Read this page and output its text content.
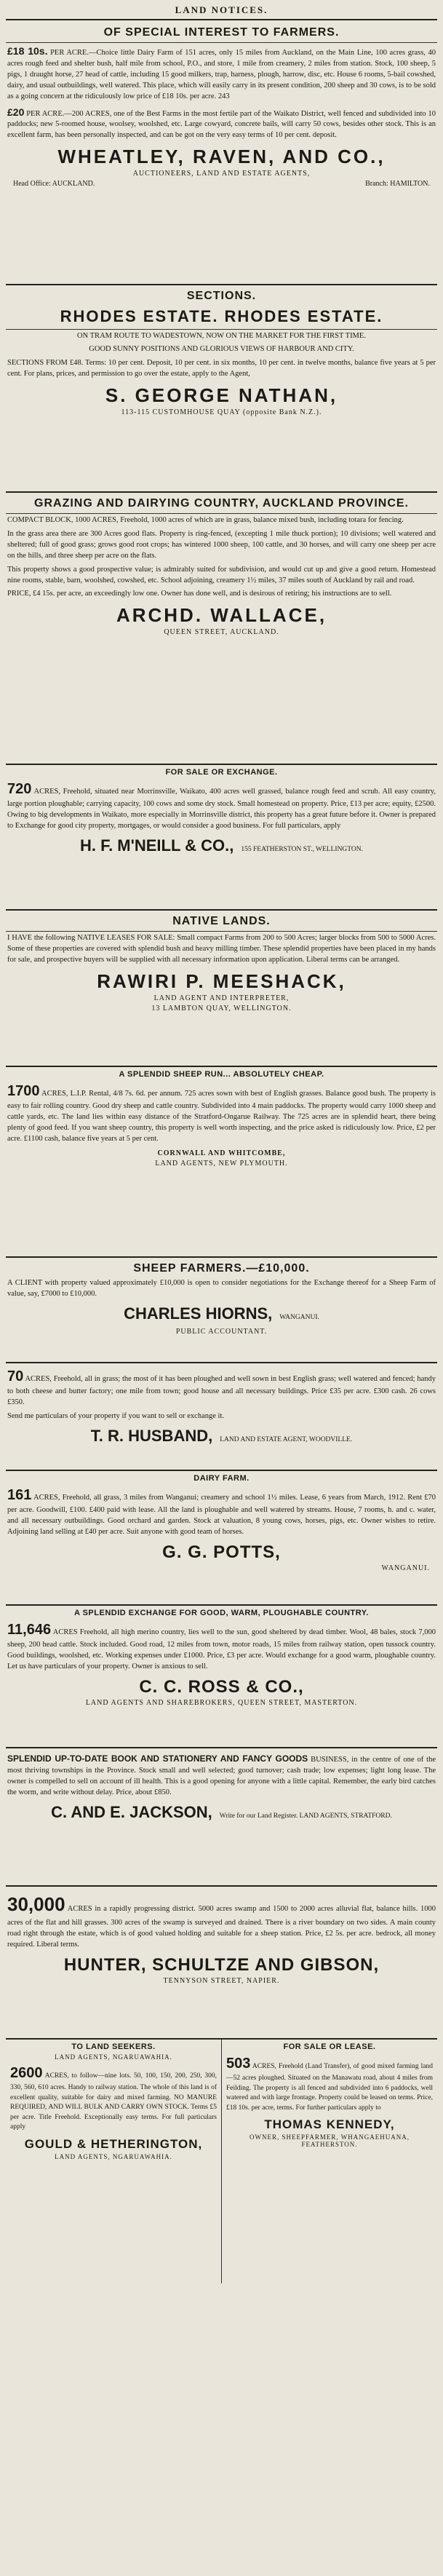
LAND NOTICES.
OF SPECIAL INTEREST TO FARMERS.
£18 10s. PER ACRE.—Choice little Dairy Farm of 151 acres, only 15 miles from Auckland, on the Main Line, 100 acres grass, 40 acres rough feed and shelter bush, half mile from school, P.O., and store, 1 mile from creamery, 2 miles from station. Stock, 100 sheep, 5 pigs, 1 draught horse, 27 head of cattle, including 15 good milkers, trap, harness, plough, harrow, disc, etc. House 6 rooms, 5-bail cowshed, dairy, and usual outbuildings, well watered. This place, which will easily carry in its present condition, 200 sheep and 30 cows, is to be sold as a going concern at the ridiculously low price of £18 10s. per acre. 243
£20 PER ACRE.—200 ACRES, one of the Best Farms in the most fertile part of the Waikato District, well fenced and subdivided into 10 paddocks; new 5-roomed house, woolsey, woolshed, etc. Large cowyard, concrete bails, will carry 50 cows, besides other stock. This is an excellent farm, has been personally inspected, and can be got on the very easy terms of 10 per cent. deposit.
WHEATLEY, RAVEN, AND CO.,
AUCTIONEERS, LAND AND ESTATE AGENTS,
Head Office: AUCKLAND.	Branch: HAMILTON.
SECTIONS.
RHODES ESTATE. RHODES ESTATE.
ON TRAM ROUTE TO WADESTOWN, NOW ON THE MARKET FOR THE FIRST TIME.
GOOD SUNNY POSITIONS AND GLORIOUS VIEWS OF HARBOUR AND CITY.
SECTIONS FROM £48. Terms: 10 per cent. Deposit, 10 per cent. in six months, 10 per cent. in twelve months, balance five years at 5 per cent. For plans, prices, and permission to go over the estate, apply to the Agent,
S. GEORGE NATHAN,
113-115 CUSTOMHOUSE QUAY (opposite Bank N.Z.).
GRAZING AND DAIRYING COUNTRY, AUCKLAND PROVINCE.
COMPACT BLOCK, 1000 ACRES, Freehold, 1000 acres of which are in grass, balance mixed bush, including totara for fencing.
In the grass area there are 300 Acres good flats. Property is ring-fenced, (excepting 1 mile thuck portion); 10 divisions; well watered and sheltered; full of good grass; grows good root crops; has wintered 1000 sheep, 100 cattle, and 30 horses, and will carry one sheep per acre on the hills, and three sheep per acre on the flats.
This property shows a good prospective value; is admirably suited for subdivision, and would cut up and give a good return. Homestead nine rooms, stable, barn, woolshed, cowshed, etc. School adjoining, creamery 1½ miles, 37 miles south of Auckland by rail and road.
PRICE, £4 15s. per acre, an exceedingly low one. Owner has done well, and is desirous of retiring; his instructions are to sell.
ARCHD. WALLACE,
QUEEN STREET, AUCKLAND.
FOR SALE OR EXCHANGE.
720 ACRES, Freehold, situated near Morrinsville, Waikato, 400 acres well grassed, balance rough feed and scrub. All easy country, large portion ploughable; carrying capacity, 100 cows and some dry stock. Small homestead on property. Price, £13 per acre; equity, £2500. Owing to big developments in Waikato, more especially in Morrinsville district, this property has a great future before it. Owner is prepared to Exchange for good city property, mortgages, or would consider a good business. For full particulars, apply
H. F. M'NEILL & CO., 155 FEATHERSTON ST., WELLINGTON.
NATIVE LANDS.
I HAVE the following NATIVE LEASES FOR SALE: Small compact Farms from 200 to 500 Acres; larger blocks from 500 to 5000 Acres. Some of these properties are covered with splendid bush and heavy milling timber. These splendid properties have been placed in my hands for sale, and prospective buyers will be supplied with all necessary information upon application. Liberal terms can be arranged.
RAWIRI P. MEESHACK,
LAND AGENT AND INTERPRETER,
13 LAMBTON QUAY, WELLINGTON.
A SPLENDID SHEEP RUN... ABSOLUTELY CHEAP.
1700 ACRES, L.I.P. Rental, 4/8 7s. 6d. per annum. 725 acres sown with best of English grasses. Balance good bush. The property is easy to fair rolling country. Good dry sheep and cattle country. Subdivided into 4 main paddocks. The property would carry 1000 sheep and cattle yards, etc. The land lies within easy distance of the Stratford-Ongarue Railway. The 725 acres are in splendid heart, there being plenty of good feed. If you want sheep country, this property is well worth inspecting, and the price asked is ridiculously low. Price, £2 per acre. £1100 cash, balance five years at 5 per cent.
CORNWALL AND WHITCOMBE,
LAND AGENTS, NEW PLYMOUTH.
SHEEP FARMERS.—£10,000.
A CLIENT with property valued approximately £10,000 is open to consider negotiations for the Exchange thereof for a Sheep Farm of value, say, £7000 to £10,000.
CHARLES HIORNS, WANGANUI.
PUBLIC ACCOUNTANT.
70 ACRES, Freehold, all in grass; the most of it has been ploughed and well sown in best English grass; well watered and fenced; handy to both cheese and butter factory; one mile from town; good house and all necessary buildings. Price £35 per acre. £300 cash. 26 cows £350.
Send me particulars of your property if you want to sell or exchange it.
T. R. HUSBAND, LAND AND ESTATE AGENT, WOODVILLE.
DAIRY FARM.
161 ACRES, Freehold, all grass, 3 miles from Wanganui; creamery and school 1½ miles. Lease, 6 years from March, 1912. Rent £70 per acre. Goodwill, £100. £400 paid with lease. All the land is ploughable and well watered by streams. House, 7 rooms, h. and c. water, and all necessary outbuildings. Good orchard and garden. Stock at valuation, 8 young cows, horses, pigs, etc. Owner wishes to retire. Adjoining land selling at £40 per acre. Suit anyone with good team of horses.
G. G. POTTS,
WANGANUI.
A SPLENDID EXCHANGE FOR GOOD, WARM, PLOUGHABLE COUNTRY.
11,646 ACRES Freehold, all high merino country, lies well to the sun, good sheltered by dead timber. Wool, 48 bales, stock 7,000 sheep, 200 head cattle. Stock included. Good road, 12 miles from town, motor roads, 15 miles from railway station, open tussock country. Good buildings, woolshed, etc. Working expenses under £1000. Price, £3 per acre. Would exchange for a good warm, ploughable country. Let us have particulars of your property. Owner is anxious to sell.
C. C. ROSS & CO.,
LAND AGENTS AND SHAREBROKERS, QUEEN STREET, MASTERTON.
SPLENDID UP-TO-DATE BOOK AND STATIONERY AND FANCY GOODS BUSINESS, in the centre of one of the most thriving townships in the Province. Stock small and well selected; good turnover; cash trade; low expenses; light long lease. The owner is compelled to sell on account of ill health. This is a good opening for anyone with a little capital. Remember, the early bird catches the worm, and write without delay. Price, about £850.
C. AND E. JACKSON, Write for our Land Register. LAND AGENTS, STRATFORD.
30,000 ACRES in a rapidly progressing district. 5000 acres swamp and 1500 to 2000 acres alluvial flat, balance hills. 1000 acres of the flat and hill grasses. 300 acres of the swamp is surveyed and drained. There is a river boundary on two sides. A main county road right through the estate, which is of good valued holding and suitable for a sheep station. Price, £2 5s. per acre. bedrock, all money required. Liberal terms.
HUNTER, SCHULTZE AND GIBSON,
TENNYSON STREET, NAPIER.
TO LAND SEEKERS.
LAND AGENTS, NGARUAWAHIA.
2600 ACRES, to follow—nine lots. 50, 100, 150, 200, 250, 300, 330, 560, 610 acres. Handy to railway station. The whole of this land is of excellent quality, suitable for dairy and mixed farming. NO MANURE REQUIRED, AND WILL BULK AND CARRY OWN STOCK. Terms £5 per acre. Title Freehold. Exceptionally easy terms. For full particulars apply
GOULD & HETHERINGTON,
LAND AGENTS, NGARUAWAHIA.
FOR SALE OR LEASE.
503 ACRES, Freehold (Land Transfer), of good mixed farming land—52 acres ploughed. Situated on the Manawatu road, about 4 miles from Feilding. The property is all fenced and subdivided into 6 paddocks, well watered and with large frontage. Property could be leased on terms. Price, £18 10s. per acre, terms. For further particulars apply to
THOMAS KENNEDY,
OWNER, SHEEPFARMER, WHANGAEHUANA, FEATHERSTON.
